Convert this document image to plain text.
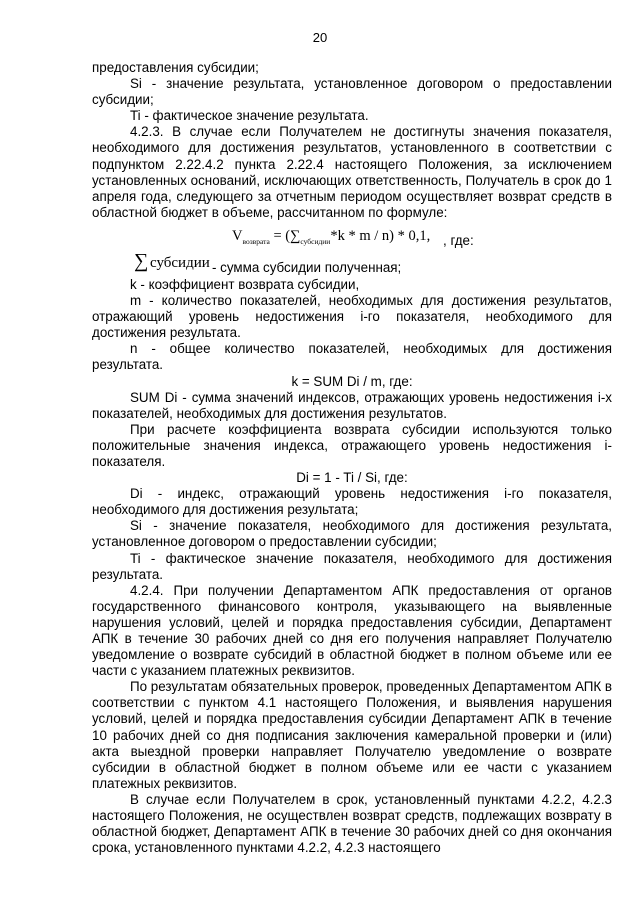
20

предоставления субсидии;

Si - значение результата, установленное договором о предоставлении субсидии;

Ti - фактическое значение результата.

4.2.3. В случае если Получателем не достигнуты значения показателя, необходимого для достижения результатов, установленного в соответствии с подпунктом 2.22.4.2 пункта 2.22.4 настоящего Положения, за исключением установленных оснований, исключающих ответственность, Получатель в срок до 1 апреля года, следующего за отчетным периодом осуществляет возврат средств в областной бюджет в объеме, рассчитанном по формуле:

$V_{возврата} = (\sum_{субсидии}*k * m / n) * 0,1$, , где:
∑ субсидии - сумма субсидии полученная;

k - коэффициент возврата субсидии,

m - количество показателей, необходимых для достижения результатов, отражающий уровень недостижения i-го показателя, необходимого для достижения результата.

n - общее количество показателей, необходимых для достижения результата.

k = SUM Di / m, где:

SUM Di - сумма значений индексов, отражающих уровень недостижения i-х показателей, необходимых для достижения результатов.

При расчете коэффициента возврата субсидии используются только положительные значения индекса, отражающего уровень недостижения i-показателя.

Di = 1 - Ti / Si, где:

Di - индекс, отражающий уровень недостижения i-го показателя, необходимого для достижения результата;

Si - значение показателя, необходимого для достижения результата, установленное договором о предоставлении субсидии;

Ti - фактическое значение показателя, необходимого для достижения результата.

4.2.4. При получении Департаментом АПК предоставления от органов государственного финансового контроля, указывающего на выявленные нарушения условий, целей и порядка предоставления субсидии, Департамент АПК в течение 30 рабочих дней со дня его получения направляет Получателю уведомление о возврате субсидий в областной бюджет в полном объеме или ее части с указанием платежных реквизитов.

По результатам обязательных проверок, проведенных Департаментом АПК в соответствии с пунктом 4.1 настоящего Положения, и выявления нарушения условий, целей и порядка предоставления субсидии Департамент АПК в течение 10 рабочих дней со дня подписания заключения камеральной проверки и (или) акта выездной проверки направляет Получателю уведомление о возврате субсидии в областной бюджет в полном объеме или ее части с указанием платежных реквизитов.

В случае если Получателем в срок, установленный пунктами 4.2.2, 4.2.3 настоящего Положения, не осуществлен возврат средств, подлежащих возврату в областной бюджет, Департамент АПК в течение 30 рабочих дней со дня окончания срока, установленного пунктами 4.2.2, 4.2.3 настоящего
